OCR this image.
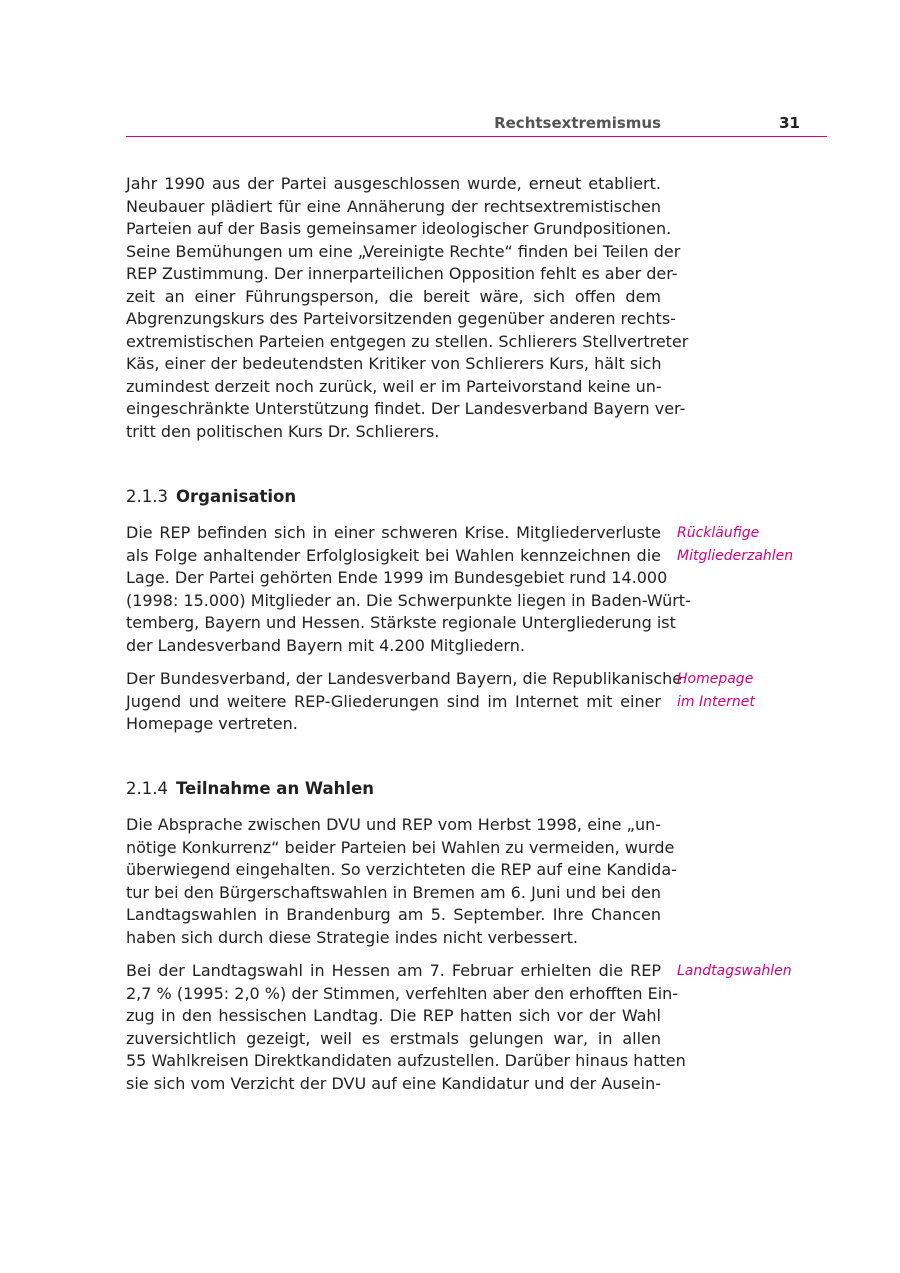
Rechtsextremismus	31

Jahr 1990 aus der Partei ausgeschlossen wurde, erneut etabliert.
Neubauer plädiert für eine Annäherung der rechtsextremistischen
Parteien auf der Basis gemeinsamer ideologischer Grundpositionen.
Seine Bemühungen um eine „Vereinigte Rechte“ finden bei Teilen der
REP Zustimmung. Der innerparteilichen Opposition fehlt es aber der-
zeit an einer Führungsperson, die bereit wäre, sich offen dem
Abgrenzungskurs des Parteivorsitzenden gegenüber anderen rechts-
extremistischen Parteien entgegen zu stellen. Schlierers Stellvertreter
Käs, einer der bedeutendsten Kritiker von Schlierers Kurs, hält sich
zumindest derzeit noch zurück, weil er im Parteivorstand keine un-
eingeschränkte Unterstützung findet. Der Landesverband Bayern ver-
tritt den politischen Kurs Dr. Schlierers.

2.1.3 Organisation

Die REP befinden sich in einer schweren Krise. Mitgliederverluste
als Folge anhaltender Erfolglosigkeit bei Wahlen kennzeichnen die
Lage. Der Partei gehörten Ende 1999 im Bundesgebiet rund 14.000
(1998: 15.000) Mitglieder an. Die Schwerpunkte liegen in Baden-Würt-
temberg, Bayern und Hessen. Stärkste regionale Untergliederung ist
der Landesverband Bayern mit 4.200 Mitgliedern.

Rückläufige
Mitgliederzahlen

Der Bundesverband, der Landesverband Bayern, die Republikanische
Jugend und weitere REP-Gliederungen sind im Internet mit einer
Homepage vertreten.

Homepage
im Internet

2.1.4 Teilnahme an Wahlen

Die Absprache zwischen DVU und REP vom Herbst 1998, eine „un-
nötige Konkurrenz“ beider Parteien bei Wahlen zu vermeiden, wurde
überwiegend eingehalten. So verzichteten die REP auf eine Kandida-
tur bei den Bürgerschaftswahlen in Bremen am 6. Juni und bei den
Landtagswahlen in Brandenburg am 5. September. Ihre Chancen
haben sich durch diese Strategie indes nicht verbessert.

Bei der Landtagswahl in Hessen am 7. Februar erhielten die REP
2,7 % (1995: 2,0 %) der Stimmen, verfehlten aber den erhofften Ein-
zug in den hessischen Landtag. Die REP hatten sich vor der Wahl
zuversichtlich gezeigt, weil es erstmals gelungen war, in allen
55 Wahlkreisen Direktkandidaten aufzustellen. Darüber hinaus hatten
sie sich vom Verzicht der DVU auf eine Kandidatur und der Ausein-

Landtagswahlen
